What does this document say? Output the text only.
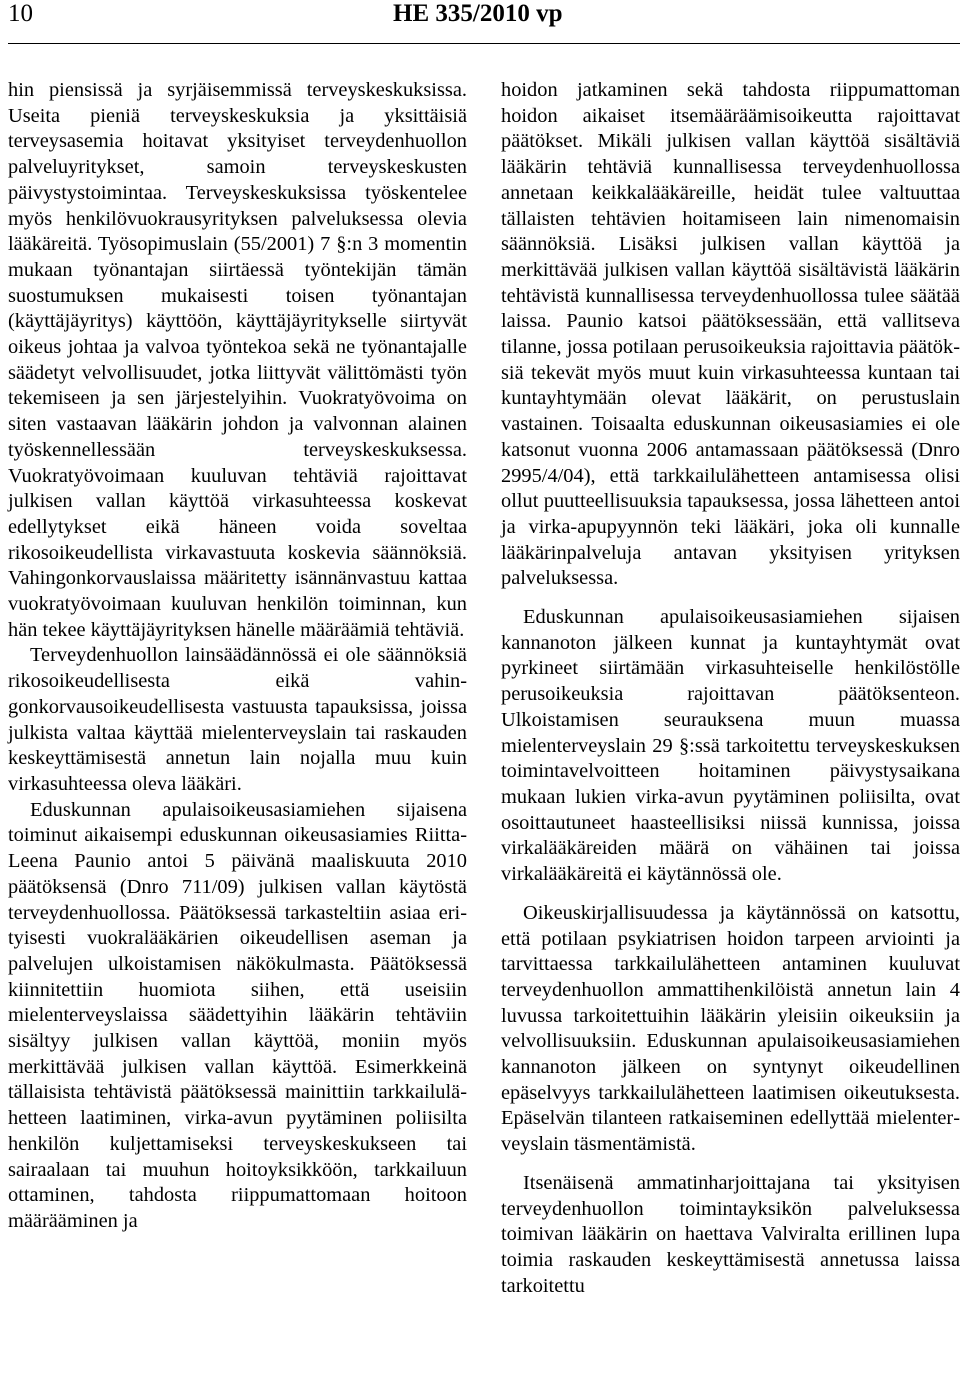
10	HE 335/2010 vp

hin piensissä ja syrjäisemmissä terveyskeskuksissa. Useita pieniä terveyskeskuksia ja yksittäisiä terveysasemia hoitavat yksityiset terveydenhuollon palveluyritykset, samoin terveyskeskusten päivystystoimintaa. Terveyskeskuksissa työskentelee myös henkilövuokrausyrityksen palveluksessa olevia lääkäreitä. Työsopimuslain (55/2001) 7 §:n 3 momentin mukaan työnantajan siirtäessä työntekijän tämän suostumuksen mukaisesti toisen työnantajan (käyttäjäyritys) käyttöön, käyttäjäyritykselle siirtyvät oikeus johtaa ja valvoa työntekoa sekä ne työnantajalle säädetyt velvollisuudet, jotka liittyvät välittömästi työn tekemiseen ja sen järjestelyihin. Vuokratyövoima on siten vastaavan lääkärin johdon ja valvonnan alainen työskennellessään terveyskeskuksessa. Vuokratyövoimaan kuuluvan tehtäviä rajoittavat julkisen vallan käyttöä virkasuhteessa koskevat edellytykset eikä häneen voida soveltaa rikosoikeudellista virkavastuuta koskevia säännöksiä. Vahingonkorvauslaissa määritetty isännänvastuu kattaa vuokratyövoimaan kuuluvan henkilön toiminnan, kun hän tekee käyttäjäyrityksen hänelle määräämiä tehtäviä.

Terveydenhuollon lainsäädännössä ei ole säännöksiä rikosoikeudellisesta eikä vahingonkorvausoikeudellisesta vastuusta tapauksissa, joissa julkista valtaa käyttää mielenterveyslain tai raskauden keskeyttämisestä annetun lain nojalla muu kuin virkasuhteessa oleva lääkäri.

Eduskunnan apulaisoikeusasiamiehen sijaisena toiminut aikaisempi eduskunnan oikeusasiamies Riitta-Leena Paunio antoi 5 päivänä maaliskuuta 2010 päätöksensä (Dnro 711/09) julkisen vallan käytöstä terveydenhuollossa. Päätöksessä tarkasteltiin asiaa erityisesti vuokralääkärien oikeudellisen aseman ja palvelujen ulkoistamisen näkökulmasta. Päätöksessä kiinnitettiin huomiota siihen, että useisiin mielenterveyslaissa säädettyihin lääkärin tehtäviin sisältyy julkisen vallan käyttöä, moniin myös merkittävää julkisen vallan käyttöä. Esimerkkeinä tällaisista tehtävistä päätöksessä mainittiin tarkkailulähetteen laatiminen, virka-avun pyytäminen poliisilta henkilön kuljettamiseksi terveyskeskukseen tai sairaalaan tai muuhun hoitoyksikköön, tarkkailuun ottaminen, tahdosta riippumattomaan hoitoon määrääminen ja

hoidon jatkaminen sekä tahdosta riippumattoman hoidon aikaiset itsemääräämisoikeutta rajoittavat päätökset. Mikäli julkisen vallan käyttöä sisältäviä lääkärin tehtäviä kunnallisessa terveydenhuollossa annetaan keikkalääkäreille, heidät tulee valtuuttaa tällaisten tehtävien hoitamiseen lain nimenomaisin säännöksiä. Lisäksi julkisen vallan käyttöä ja merkittävää julkisen vallan käyttöä sisältävistä lääkärin tehtävistä kunnallisessa terveydenhuollossa tulee säätää laissa. Paunio katsoi päätöksessään, että vallitseva tilanne, jossa potilaan perusoikeuksia rajoittavia päätöksiä tekevät myös muut kuin virkasuhteessa kuntaan tai kuntayhtymään olevat lääkärit, on perustuslain vastainen. Toisaalta eduskunnan oikeusasiamies ei ole katsonut vuonna 2006 antamassaan päätöksessä (Dnro 2995/4/04), että tarkkailulähetteen antamisessa olisi ollut puutteellisuuksia tapauksessa, jossa lähetteen antoi ja virka-apupyynnön teki lääkäri, joka oli kunnalle lääkärinpalveluja antavan yksityisen yrityksen palveluksessa.

Eduskunnan apulaisoikeusasiamiehen sijaisen kannanoton jälkeen kunnat ja kuntayhtymät ovat pyrkineet siirtämään virkasuhteiselle henkilöstölle perusoikeuksia rajoittavan päätöksenteon. Ulkoistamisen seurauksena muun muassa mielenterveyslain 29 §:ssä tarkoitettu terveyskeskuksen toimintavelvoitteen hoitaminen päivystysaikana mukaan lukien virka-avun pyytäminen poliisilta, ovat osoittautuneet haasteellisiksi niissä kunnissa, joissa virkalääkäreiden määrä on vähäinen tai joissa virkalääkäreitä ei käytännössä ole.

Oikeuskirjallisuudessa ja käytännössä on katsottu, että potilaan psykiatrisen hoidon tarpeen arviointi ja tarvittaessa tarkkailulähetteen antaminen kuuluvat terveydenhuollon ammattihenkilöistä annetun lain 4 luvussa tarkoitettuihin lääkärin yleisiin oikeuksiin ja velvollisuuksiin. Eduskunnan apulaisoikeusasiamiehen kannanoton jälkeen on syntynyt oikeudellinen epäselvyys tarkkailulähetteen laatimisen oikeutuksesta. Epäselvän tilanteen ratkaiseminen edellyttää mielenterveyslain täsmentämistä.

Itsenäisenä ammatinharjoittajana tai yksityisen terveydenhuollon toimintayksikön palveluksessa toimivan lääkärin on haettava Valviralta erillinen lupa toimia raskauden keskeyttämisestä annetussa laissa tarkoitettu
